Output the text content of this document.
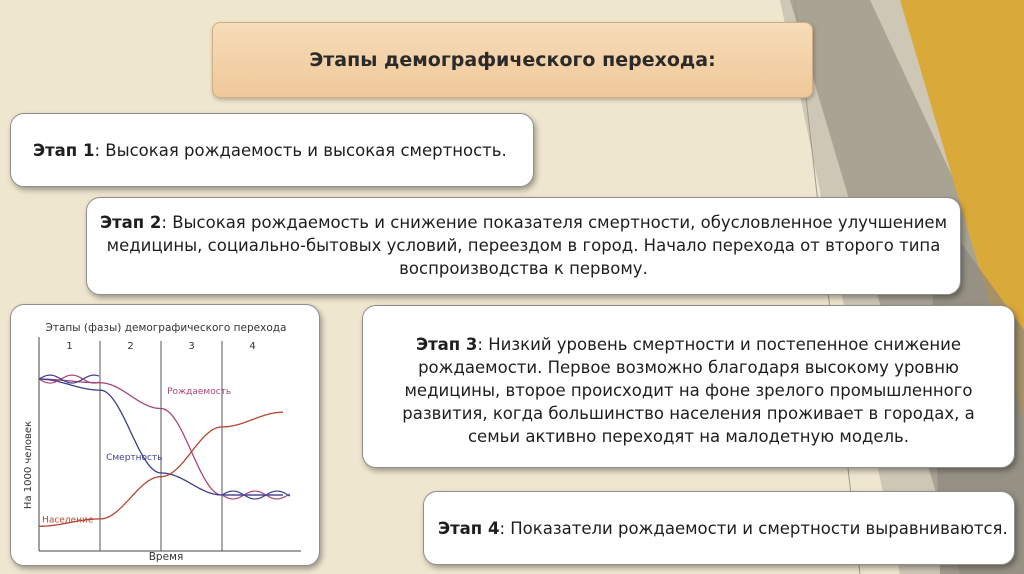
Этапы демографического перехода:
Этап 1: Высокая рождаемость и высокая смертность.
Этап 2: Высокая рождаемость и снижение показателя смертности, обусловленное улучшением медицины, социально-бытовых условий, переездом в город. Начало перехода от второго типа воспроизводства к первому.
Этап 3: Низкий уровень смертности и постепенное снижение рождаемости. Первое возможно благодаря высокому уровню медицины, второе происходит на фоне зрелого промышленного развития, когда большинство населения проживает в городах, а семьи активно переходят на малодетную модель.
Этап 4: Показатели рождаемости и смертности выравниваются.
Этапы (фазы) демографического перехода
Время
На 1000 человек
1	2	3	4
Рождаемость
Смертность
Население
